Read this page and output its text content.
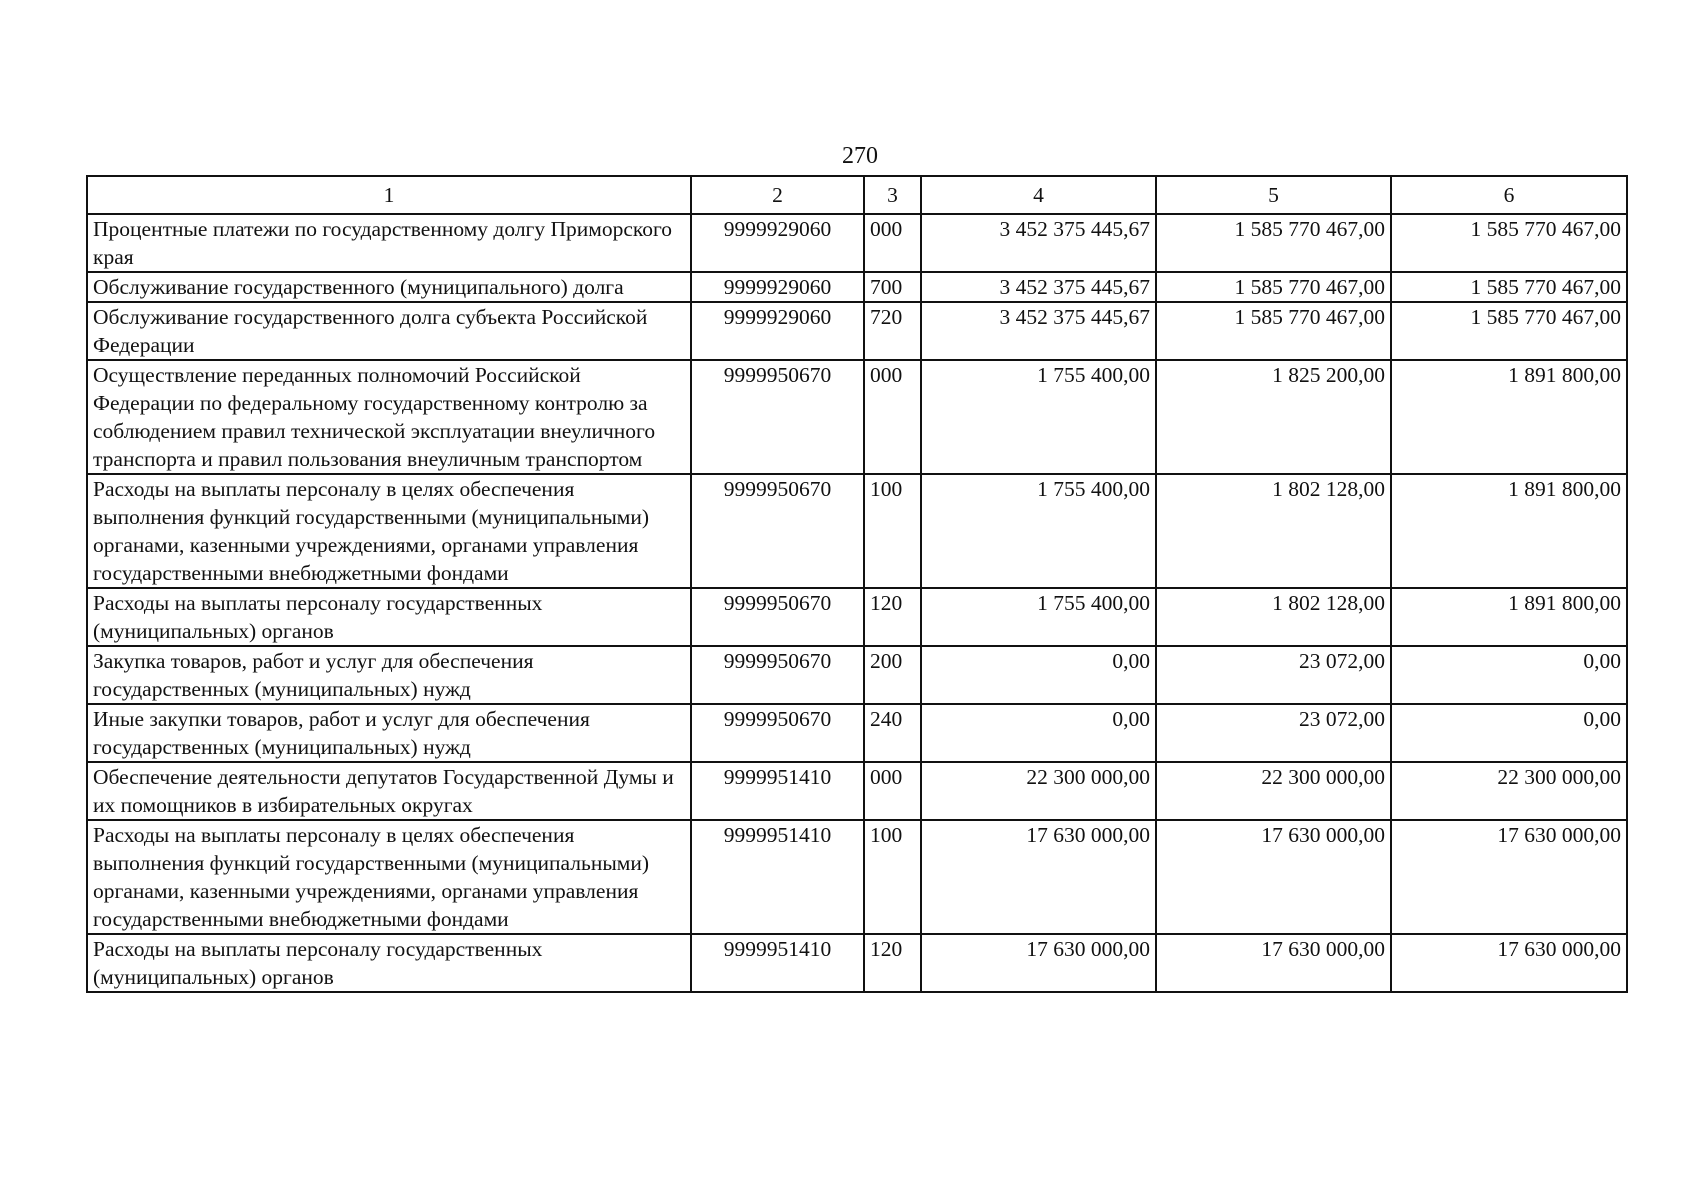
270
1	2	3	4	5	6
Процентные платежи по государственному долгу Приморского края	9999929060	000	3 452 375 445,67	1 585 770 467,00	1 585 770 467,00
Обслуживание государственного (муниципального) долга	9999929060	700	3 452 375 445,67	1 585 770 467,00	1 585 770 467,00
Обслуживание государственного долга субъекта Российской Федерации	9999929060	720	3 452 375 445,67	1 585 770 467,00	1 585 770 467,00
Осуществление переданных полномочий Российской Федерации по федеральному государственному контролю за соблюдением правил технической эксплуатации внеуличного транспорта и правил пользования внеуличным транспортом	9999950670	000	1 755 400,00	1 825 200,00	1 891 800,00
Расходы на выплаты персоналу в целях обеспечения выполнения функций государственными (муниципальными) органами, казенными учреждениями, органами управления государственными внебюджетными фондами	9999950670	100	1 755 400,00	1 802 128,00	1 891 800,00
Расходы на выплаты персоналу государственных (муниципальных) органов	9999950670	120	1 755 400,00	1 802 128,00	1 891 800,00
Закупка товаров, работ и услуг для обеспечения государственных (муниципальных) нужд	9999950670	200	0,00	23 072,00	0,00
Иные закупки товаров, работ и услуг для обеспечения государственных (муниципальных) нужд	9999950670	240	0,00	23 072,00	0,00
Обеспечение деятельности депутатов Государственной Думы и их помощников в избирательных округах	9999951410	000	22 300 000,00	22 300 000,00	22 300 000,00
Расходы на выплаты персоналу в целях обеспечения выполнения функций государственными (муниципальными) органами, казенными учреждениями, органами управления государственными внебюджетными фондами	9999951410	100	17 630 000,00	17 630 000,00	17 630 000,00
Расходы на выплаты персоналу государственных (муниципальных) органов	9999951410	120	17 630 000,00	17 630 000,00	17 630 000,00
